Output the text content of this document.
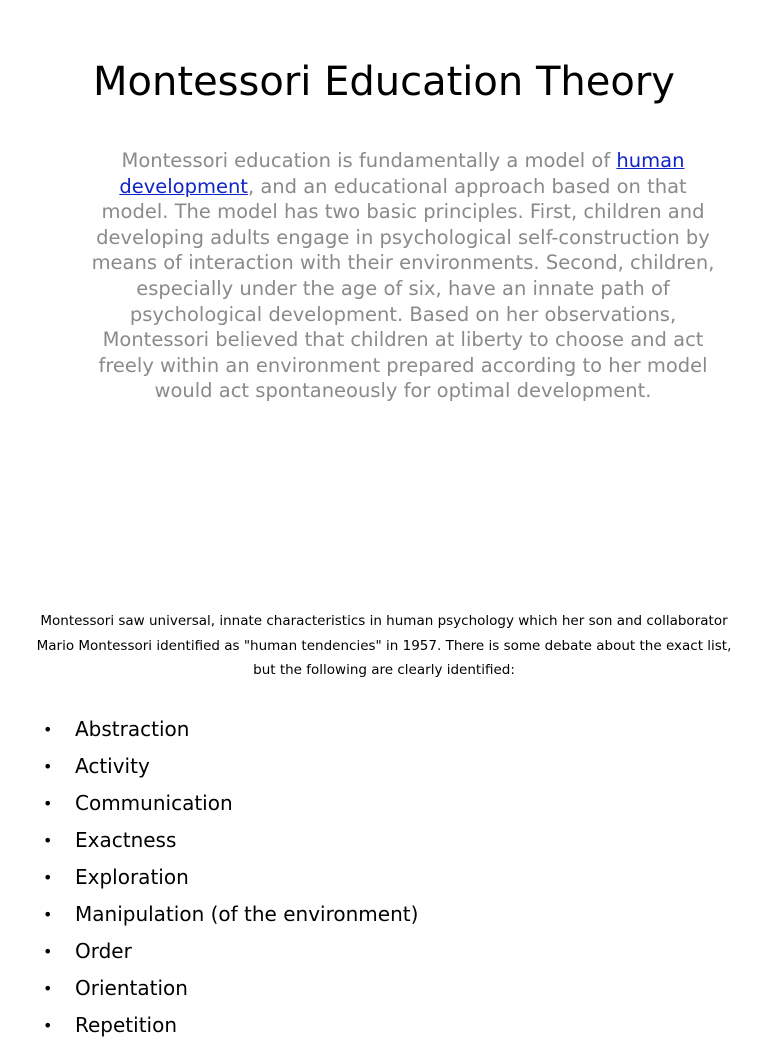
Montessori Education Theory

Montessori education is fundamentally a model of human development, and an educational approach based on that model. The model has two basic principles. First, children and developing adults engage in psychological self-construction by means of interaction with their environments. Second, children, especially under the age of six, have an innate path of psychological development. Based on her observations, Montessori believed that children at liberty to choose and act freely within an environment prepared according to her model would act spontaneously for optimal development.

Montessori saw universal, innate characteristics in human psychology which her son and collaborator Mario Montessori identified as "human tendencies" in 1957. There is some debate about the exact list, but the following are clearly identified:

• Abstraction
• Activity
• Communication
• Exactness
• Exploration
• Manipulation (of the environment)
• Order
• Orientation
• Repetition
